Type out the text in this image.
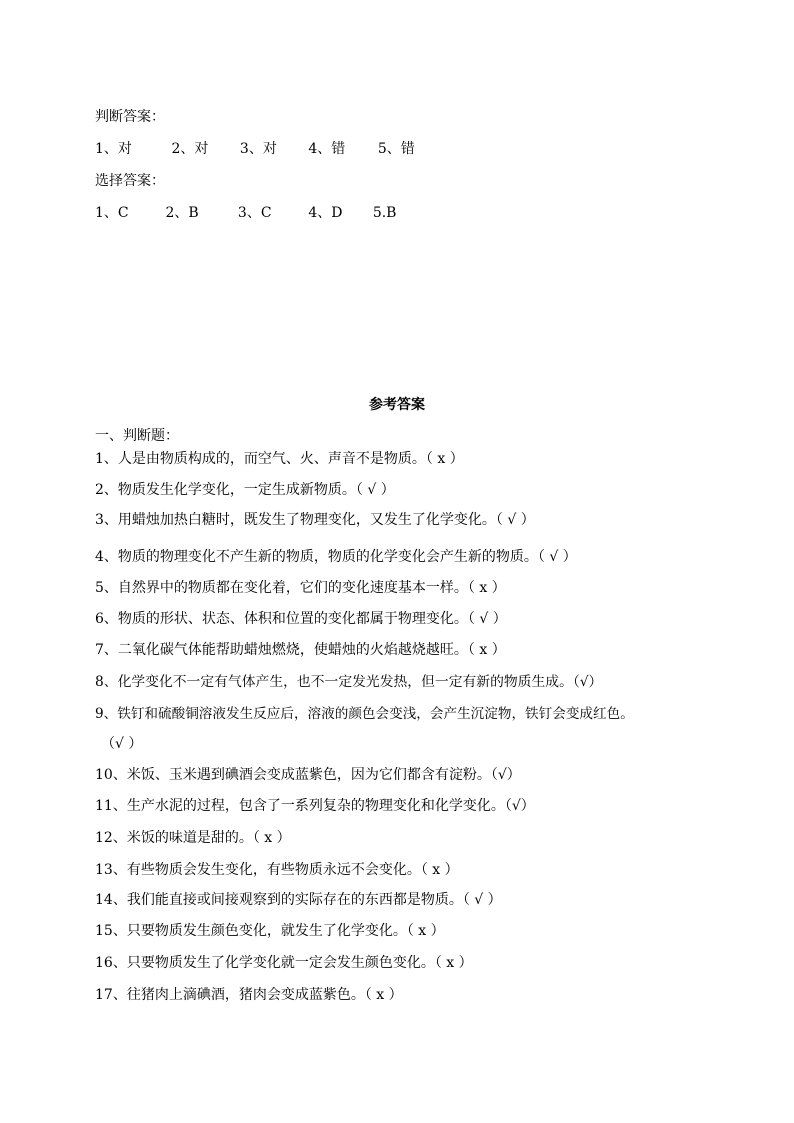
判断答案：
1、对	2、对 3、对 4、错 5、错
选择答案：
1、C	2、B	3、C	4、D 5.B
参考答案
一、判断题：
1、人是由物质构成的，而空气、火、声音不是物质。（ x ）
2、物质发生化学变化，一定生成新物质。（ √ ）
3、用蜡烛加热白糖时，既发生了物理变化，又发生了化学变化。（ √ ）
4、物质的物理变化不产生新的物质，物质的化学变化会产生新的物质。（ √ ）
5、自然界中的物质都在变化着，它们的变化速度基本一样。（ x ）
6、物质的形状、状态、体积和位置的变化都属于物理变化。（ √ ）
7、二氧化碳气体能帮助蜡烛燃烧，使蜡烛的火焰越烧越旺。（ x ）
8、化学变化不一定有气体产生，也不一定发光发热，但一定有新的物质生成。（√）
9、铁钉和硫酸铜溶液发生反应后，溶液的颜色会变浅，会产生沉淀物，铁钉会变成红色。
（√ ）
10、米饭、玉米遇到碘酒会变成蓝紫色，因为它们都含有淀粉。（√）
11、生产水泥的过程，包含了一系列复杂的物理变化和化学变化。（√）
12、米饭的味道是甜的。（ x ）
13、有些物质会发生变化，有些物质永远不会变化。（ x ）
14、我们能直接或间接观察到的实际存在的东西都是物质。（ √ ）
15、只要物质发生颜色变化，就发生了化学变化。（ x ）
16、只要物质发生了化学变化就一定会发生颜色变化。（ x ）
17、往猪肉上滴碘酒，猪肉会变成蓝紫色。（ x ）
